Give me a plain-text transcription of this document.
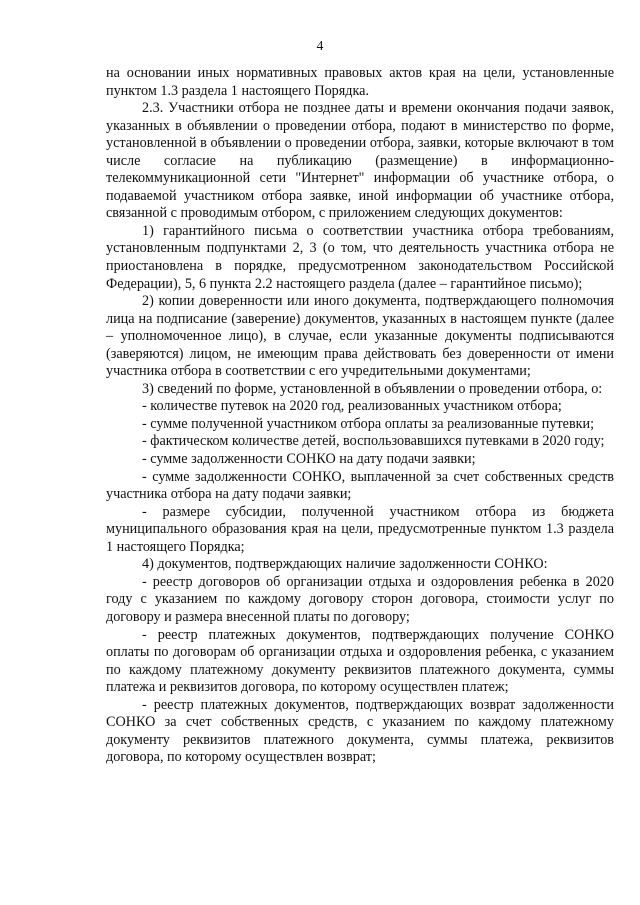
4

на основании иных нормативных правовых актов края на цели, установленные пунктом 1.3 раздела 1 настоящего Порядка.

2.3. Участники отбора не позднее даты и времени окончания подачи заявок, указанных в объявлении о проведении отбора, подают в министерство по форме, установленной в объявлении о проведении отбора, заявки, которые включают в том числе согласие на публикацию (размещение) в информационно-телекоммуникационной сети "Интернет" информации об участнике отбора, о подаваемой участником отбора заявке, иной информации об участнике отбора, связанной с проводимым отбором, с приложением следующих документов:

1) гарантийного письма о соответствии участника отбора требованиям, установленным подпунктами 2, 3 (о том, что деятельность участника отбора не приостановлена в порядке, предусмотренном законодательством Российской Федерации), 5, 6 пункта 2.2 настоящего раздела (далее – гарантийное письмо);

2) копии доверенности или иного документа, подтверждающего полномочия лица на подписание (заверение) документов, указанных в настоящем пункте (далее – уполномоченное лицо), в случае, если указанные документы подписываются (заверяются) лицом, не имеющим права действовать без доверенности от имени участника отбора в соответствии с его учредительными документами;

3) сведений по форме, установленной в объявлении о проведении отбора, о:

- количестве путевок на 2020 год, реализованных участником отбора;

- сумме полученной участником отбора оплаты за реализованные путевки;

- фактическом количестве детей, воспользовавшихся путевками в 2020 году;

- сумме задолженности СОНКО на дату подачи заявки;

- сумме задолженности СОНКО, выплаченной за счет собственных средств участника отбора на дату подачи заявки;

- размере субсидии, полученной участником отбора из бюджета муниципального образования края на цели, предусмотренные пунктом 1.3 раздела 1 настоящего Порядка;

4) документов, подтверждающих наличие задолженности СОНКО:

- реестр договоров об организации отдыха и оздоровления ребенка в 2020 году с указанием по каждому договору сторон договора, стоимости услуг по договору и размера внесенной платы по договору;

- реестр платежных документов, подтверждающих получение СОНКО оплаты по договорам об организации отдыха и оздоровления ребенка, с указанием по каждому платежному документу реквизитов платежного документа, суммы платежа и реквизитов договора, по которому осуществлен платеж;

- реестр платежных документов, подтверждающих возврат задолженности СОНКО за счет собственных средств, с указанием по каждому платежному документу реквизитов платежного документа, суммы платежа, реквизитов договора, по которому осуществлен возврат;
